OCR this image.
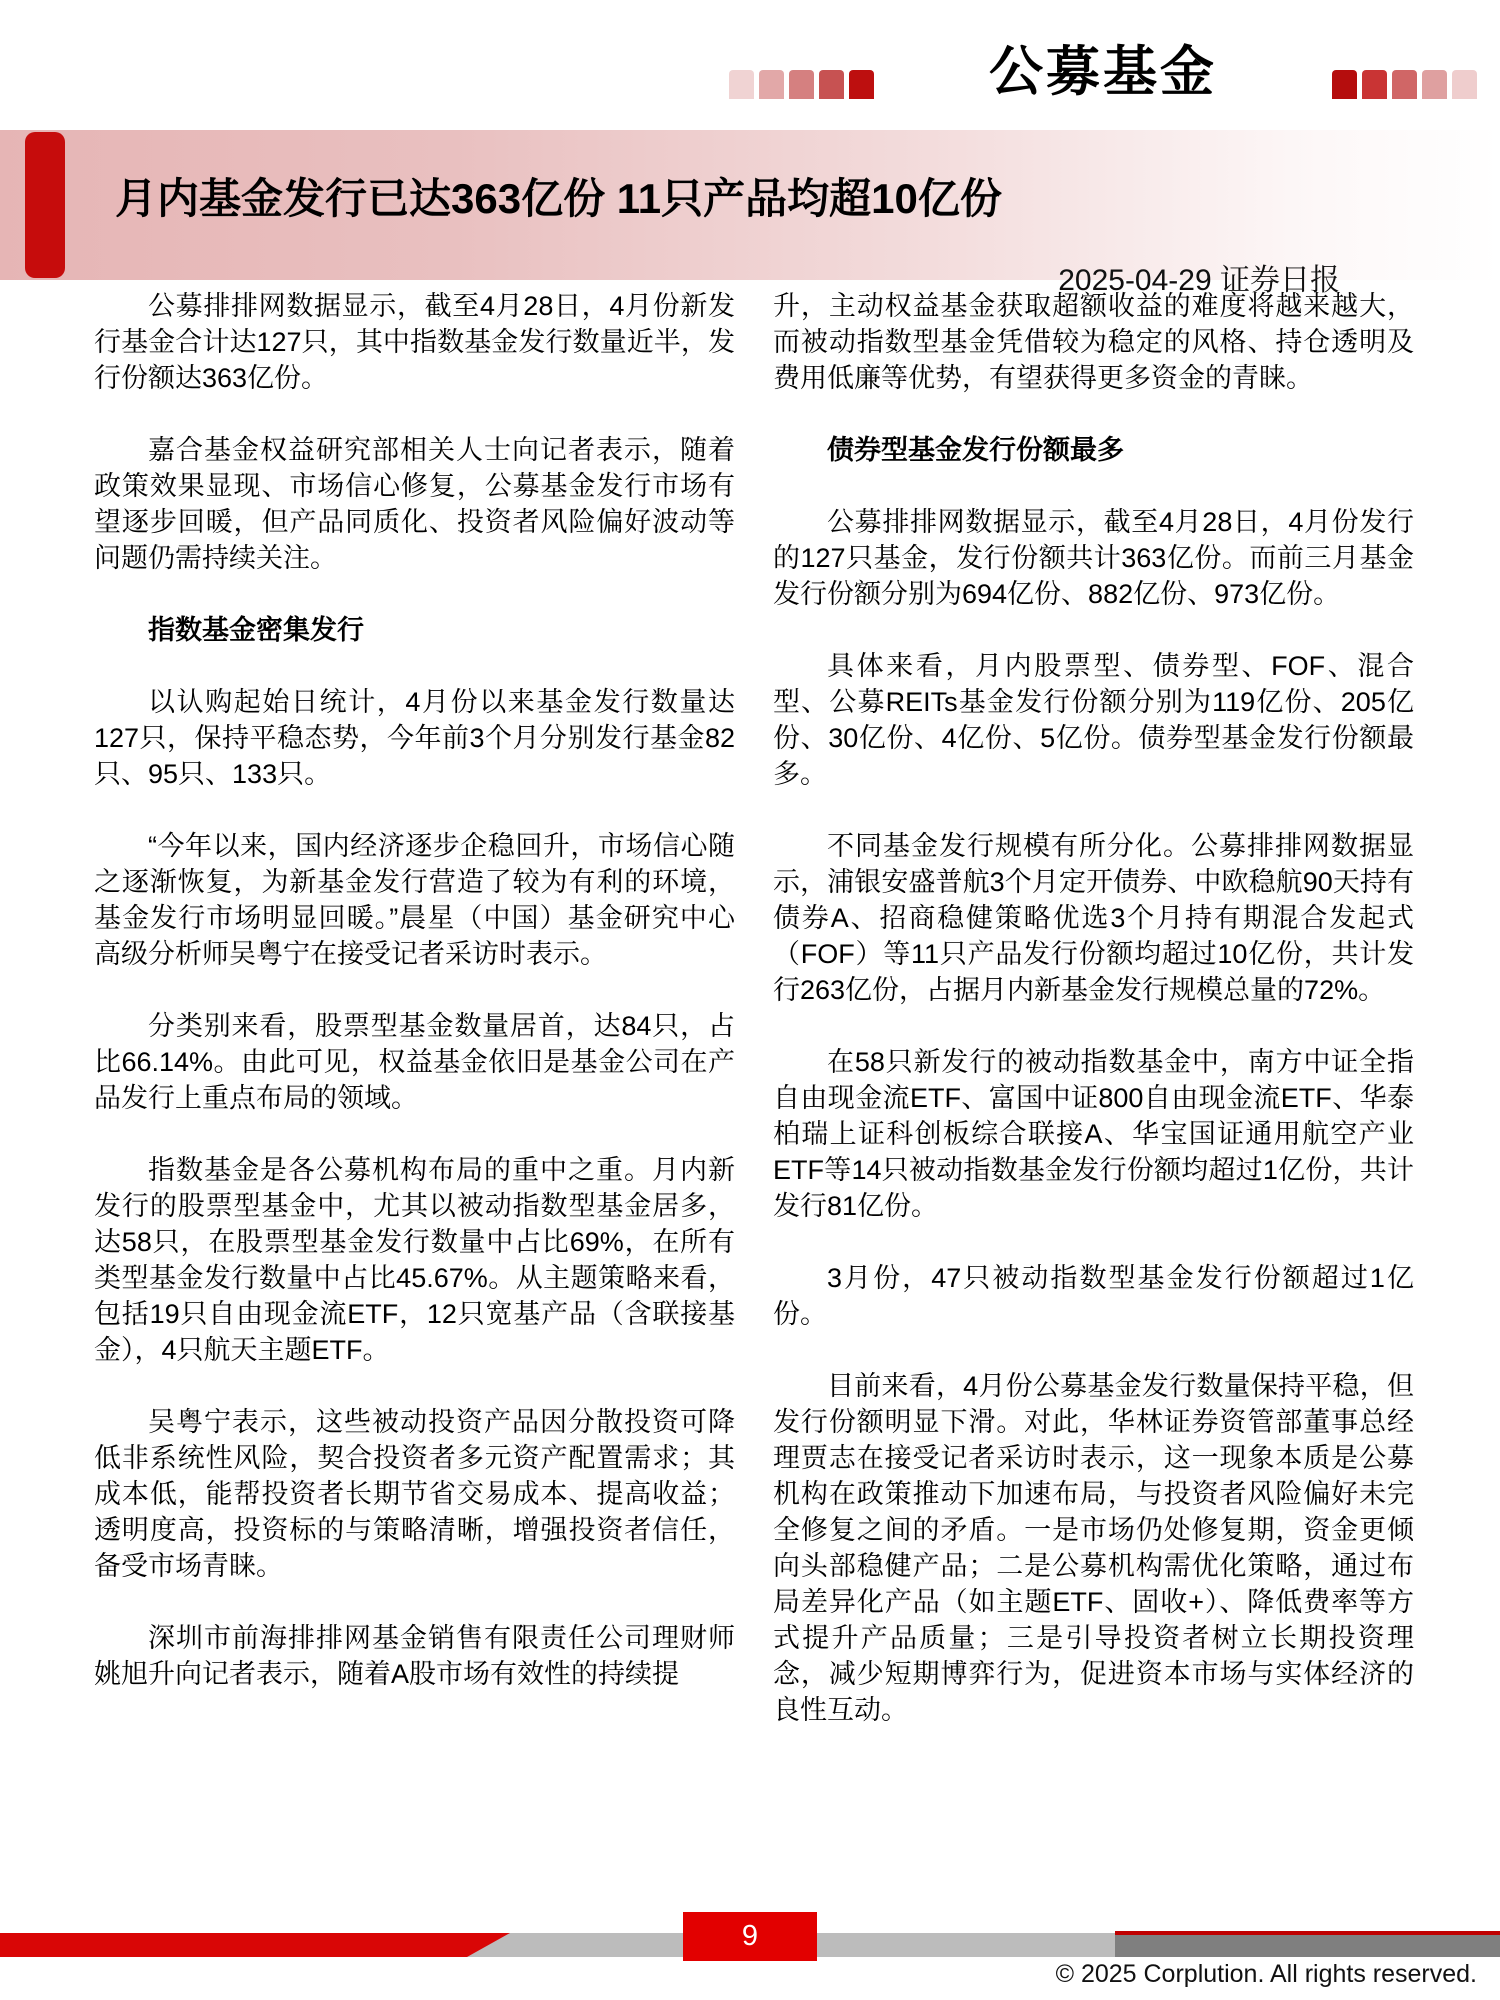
公募基金
月内基金发行已达363亿份 11只产品均超10亿份
2025-04-29 证券日报

公募排排网数据显示，截至4月28日，4月份新发行基金合计达127只，其中指数基金发行数量近半，发行份额达363亿份。

嘉合基金权益研究部相关人士向记者表示，随着政策效果显现、市场信心修复，公募基金发行市场有望逐步回暖，但产品同质化、投资者风险偏好波动等问题仍需持续关注。

指数基金密集发行

以认购起始日统计，4月份以来基金发行数量达127只，保持平稳态势，今年前3个月分别发行基金82只、95只、133只。

“今年以来，国内经济逐步企稳回升，市场信心随之逐渐恢复，为新基金发行营造了较为有利的环境，基金发行市场明显回暖。”晨星（中国）基金研究中心高级分析师吴粤宁在接受记者采访时表示。

分类别来看，股票型基金数量居首，达84只，占比66.14%。由此可见，权益基金依旧是基金公司在产品发行上重点布局的领域。

指数基金是各公募机构布局的重中之重。月内新发行的股票型基金中，尤其以被动指数型基金居多，达58只，在股票型基金发行数量中占比69%，在所有类型基金发行数量中占比45.67%。从主题策略来看，包括19只自由现金流ETF，12只宽基产品（含联接基金），4只航天主题ETF。

吴粤宁表示，这些被动投资产品因分散投资可降低非系统性风险，契合投资者多元资产配置需求；其成本低，能帮投资者长期节省交易成本、提高收益；透明度高，投资标的与策略清晰，增强投资者信任，备受市场青睐。

深圳市前海排排网基金销售有限责任公司理财师姚旭升向记者表示，随着A股市场有效性的持续提

升，主动权益基金获取超额收益的难度将越来越大，而被动指数型基金凭借较为稳定的风格、持仓透明及费用低廉等优势，有望获得更多资金的青睐。

债券型基金发行份额最多

公募排排网数据显示，截至4月28日，4月份发行的127只基金，发行份额共计363亿份。而前三月基金发行份额分别为694亿份、882亿份、973亿份。

具体来看，月内股票型、债券型、FOF、混合型、公募REITs基金发行份额分别为119亿份、205亿份、30亿份、4亿份、5亿份。债券型基金发行份额最多。

不同基金发行规模有所分化。公募排排网数据显示，浦银安盛普航3个月定开债券、中欧稳航90天持有债券A、招商稳健策略优选3个月持有期混合发起式（FOF）等11只产品发行份额均超过10亿份，共计发行263亿份，占据月内新基金发行规模总量的72%。

在58只新发行的被动指数基金中，南方中证全指自由现金流ETF、富国中证800自由现金流ETF、华泰柏瑞上证科创板综合联接A、华宝国证通用航空产业ETF等14只被动指数基金发行份额均超过1亿份，共计发行81亿份。

3月份，47只被动指数型基金发行份额超过1亿份。

目前来看，4月份公募基金发行数量保持平稳，但发行份额明显下滑。对此，华林证券资管部董事总经理贾志在接受记者采访时表示，这一现象本质是公募机构在政策推动下加速布局，与投资者风险偏好未完全修复之间的矛盾。一是市场仍处修复期，资金更倾向头部稳健产品；二是公募机构需优化策略，通过布局差异化产品（如主题ETF、固收+）、降低费率等方式提升产品质量；三是引导投资者树立长期投资理念，减少短期博弈行为，促进资本市场与实体经济的良性互动。

9
© 2025 Corplution. All rights reserved.
